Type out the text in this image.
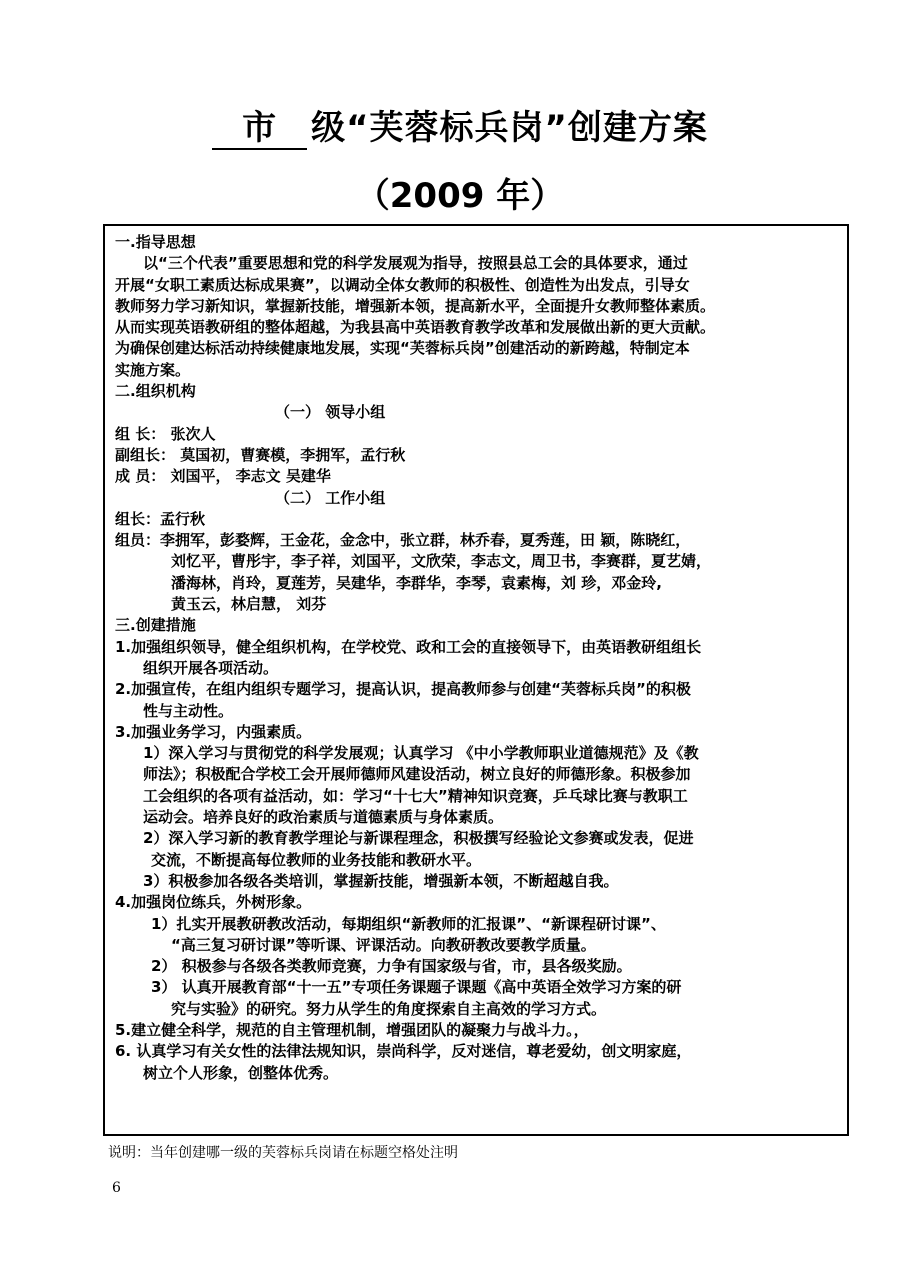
市 级“芙蓉标兵岗”创建方案
（2009 年）

一.指导思想

以“三个代表”重要思想和党的科学发展观为指导，按照县总工会的具体要求，通过

开展“女职工素质达标成果赛”，以调动全体女教师的积极性、创造性为出发点，引导女

教师努力学习新知识，掌握新技能，增强新本领，提高新水平，全面提升女教师整体素质。

从而实现英语教研组的整体超越，为我县高中英语教育教学改革和发展做出新的更大贡献。

为确保创建达标活动持续健康地发展，实现“芙蓉标兵岗”创建活动的新跨越，特制定本

实施方案。

二.组织机构

（一） 领导小组

组 长： 张次人

副组长： 莫国初，曹赛模，李拥军，孟行秋

成 员： 刘国平， 李志文 吴建华

（二） 工作小组

组长：孟行秋

组员：李拥军，彭婺辉，王金花，金念中，张立群，林乔春，夏秀莲，田 颖，陈晓红，

刘忆平，曹彤宇，李子祥，刘国平，文欣荣，李志文，周卫书，李赛群，夏艺婧，

潘海林，肖玲，夏莲芳，吴建华，李群华，李琴，袁素梅，刘 珍，邓金玲,

黄玉云，林启慧， 刘芬

三.创建措施

1.加强组织领导，健全组织机构，在学校党、政和工会的直接领导下，由英语教研组组长

组织开展各项活动。

2.加强宣传，在组内组织专题学习，提高认识，提高教师参与创建“芙蓉标兵岗”的积极

性与主动性。

3.加强业务学习，内强素质。

1）深入学习与贯彻党的科学发展观；认真学习 《中小学教师职业道德规范》及《教

师法》；积极配合学校工会开展师德师风建设活动，树立良好的师德形象。积极参加

工会组织的各项有益活动，如：学习“十七大”精神知识竞赛，乒乓球比赛与教职工

运动会。培养良好的政治素质与道德素质与身体素质。

2）深入学习新的教育教学理论与新课程理念，积极撰写经验论文参赛或发表，促进

交流，不断提高每位教师的业务技能和教研水平。

3）积极参加各级各类培训，掌握新技能，增强新本领，不断超越自我。

4.加强岗位练兵，外树形象。

1）扎实开展教研教改活动，每期组织“新教师的汇报课”、“新课程研讨课”、

“高三复习研讨课”等听课、评课活动。向教研教改要教学质量。

2） 积极参与各级各类教师竞赛，力争有国家级与省，市，县各级奖励。

3） 认真开展教育部“十一五”专项任务课题子课题《高中英语全效学习方案的研

究与实验》的研究。努力从学生的角度探索自主高效的学习方式。

5.建立健全科学，规范的自主管理机制，增强团队的凝聚力与战斗力。，

6. 认真学习有关女性的法律法规知识，崇尚科学，反对迷信，尊老爱幼，创文明家庭，

树立个人形象，创整体优秀。

说明：当年创建哪一级的芙蓉标兵岗请在标题空格处注明
6
